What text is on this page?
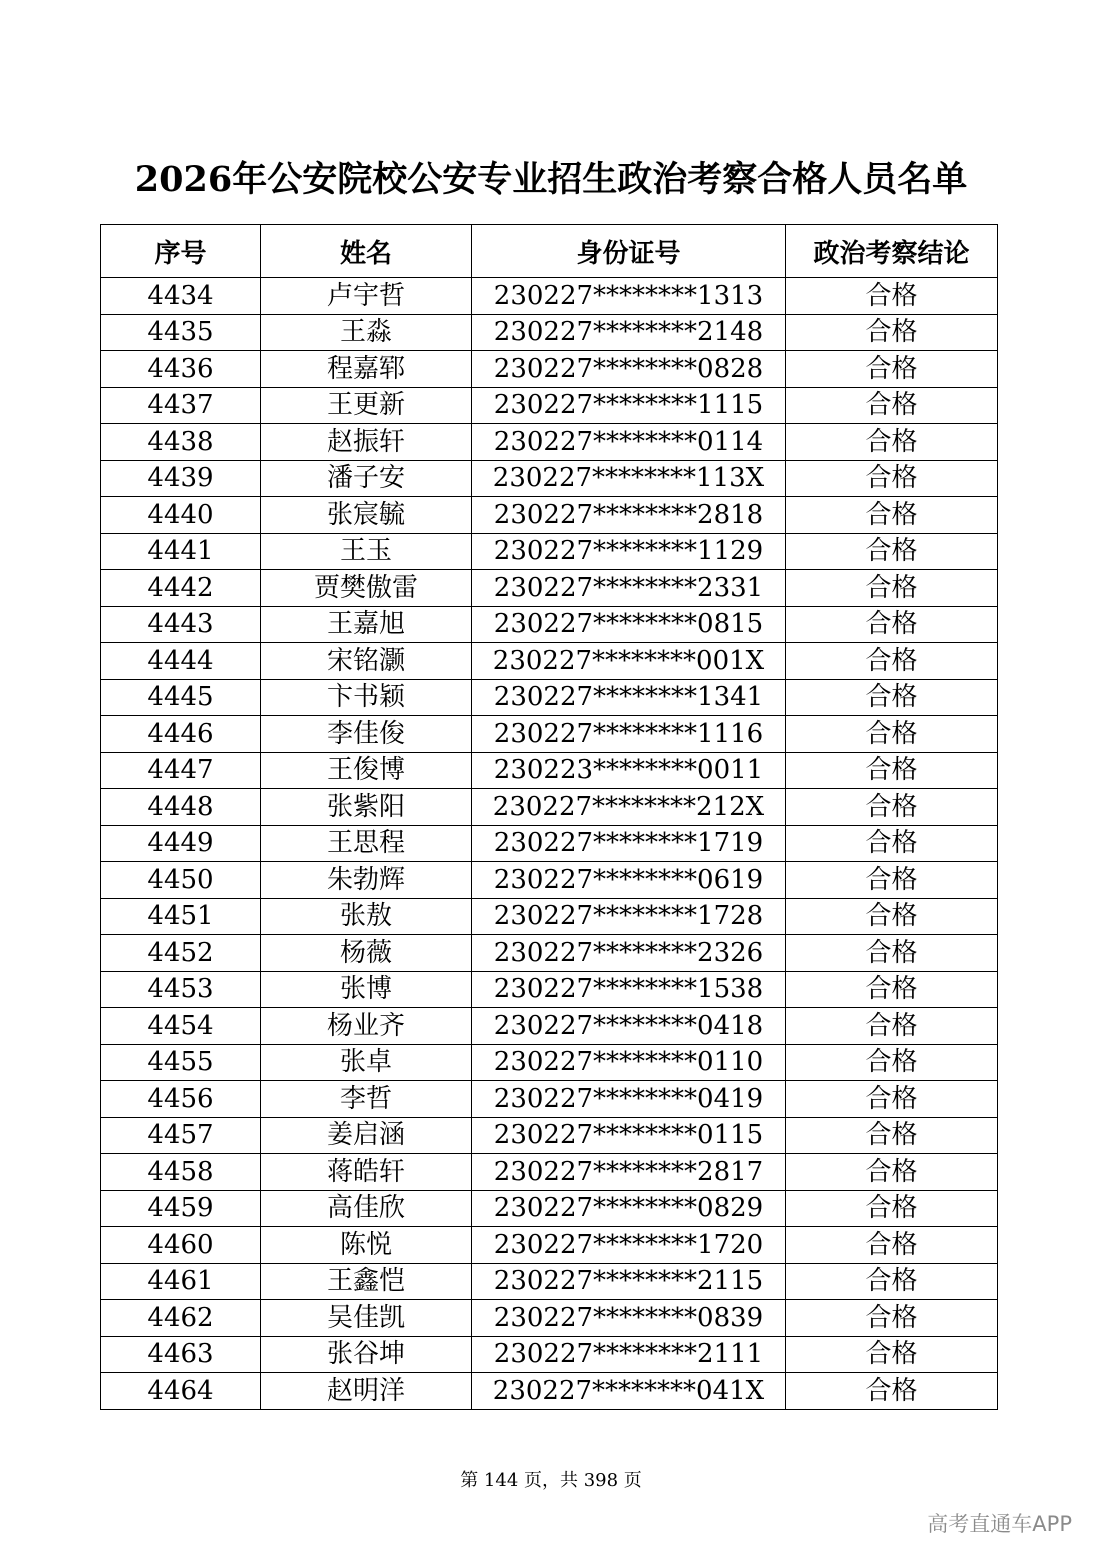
2026年公安院校公安专业招生政治考察合格人员名单
序号	姓名	身份证号	政治考察结论
4434	卢宇哲	230227********1313	合格
4435	王淼	230227********2148	合格
4436	程嘉郓	230227********0828	合格
4437	王更新	230227********1115	合格
4438	赵振轩	230227********0114	合格
4439	潘子安	230227********113X	合格
4440	张宸毓	230227********2818	合格
4441	王玉	230227********1129	合格
4442	贾樊傲雷	230227********2331	合格
4443	王嘉旭	230227********0815	合格
4444	宋铭灏	230227********001X	合格
4445	卞书颖	230227********1341	合格
4446	李佳俊	230227********1116	合格
4447	王俊博	230223********0011	合格
4448	张紫阳	230227********212X	合格
4449	王思程	230227********1719	合格
4450	朱勃辉	230227********0619	合格
4451	张敖	230227********1728	合格
4452	杨薇	230227********2326	合格
4453	张博	230227********1538	合格
4454	杨业齐	230227********0418	合格
4455	张卓	230227********0110	合格
4456	李哲	230227********0419	合格
4457	姜启涵	230227********0115	合格
4458	蒋皓轩	230227********2817	合格
4459	高佳欣	230227********0829	合格
4460	陈悦	230227********1720	合格
4461	王鑫恺	230227********2115	合格
4462	吴佳凯	230227********0839	合格
4463	张谷坤	230227********2111	合格
4464	赵明洋	230227********041X	合格
第 144 页，共 398 页
高考直通车APP
